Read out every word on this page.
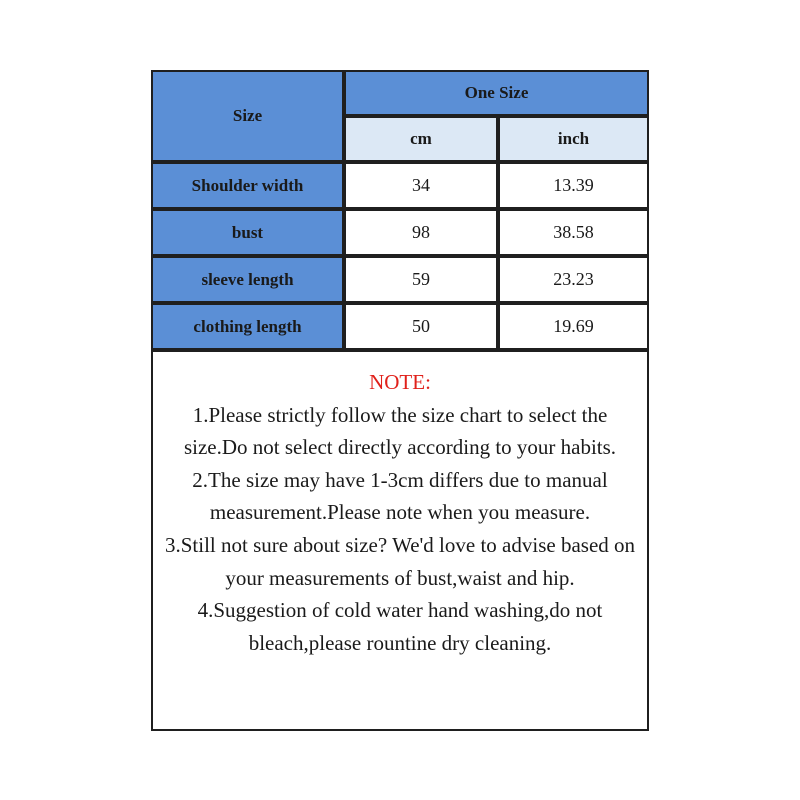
Size
One Size
cm	inch
Shoulder width	34	13.39
bust	98	38.58
sleeve length	59	23.23
clothing length	50	19.69

NOTE:

1.Please strictly follow the size chart to select the size.Do not select directly according to your habits.

2.The size may have 1-3cm differs due to manual measurement.Please note when you measure.

3.Still not sure about size? We'd love to advise based on your measurements of bust,waist and hip.

4.Suggestion of cold water hand washing,do not bleach,please rountine dry cleaning.
